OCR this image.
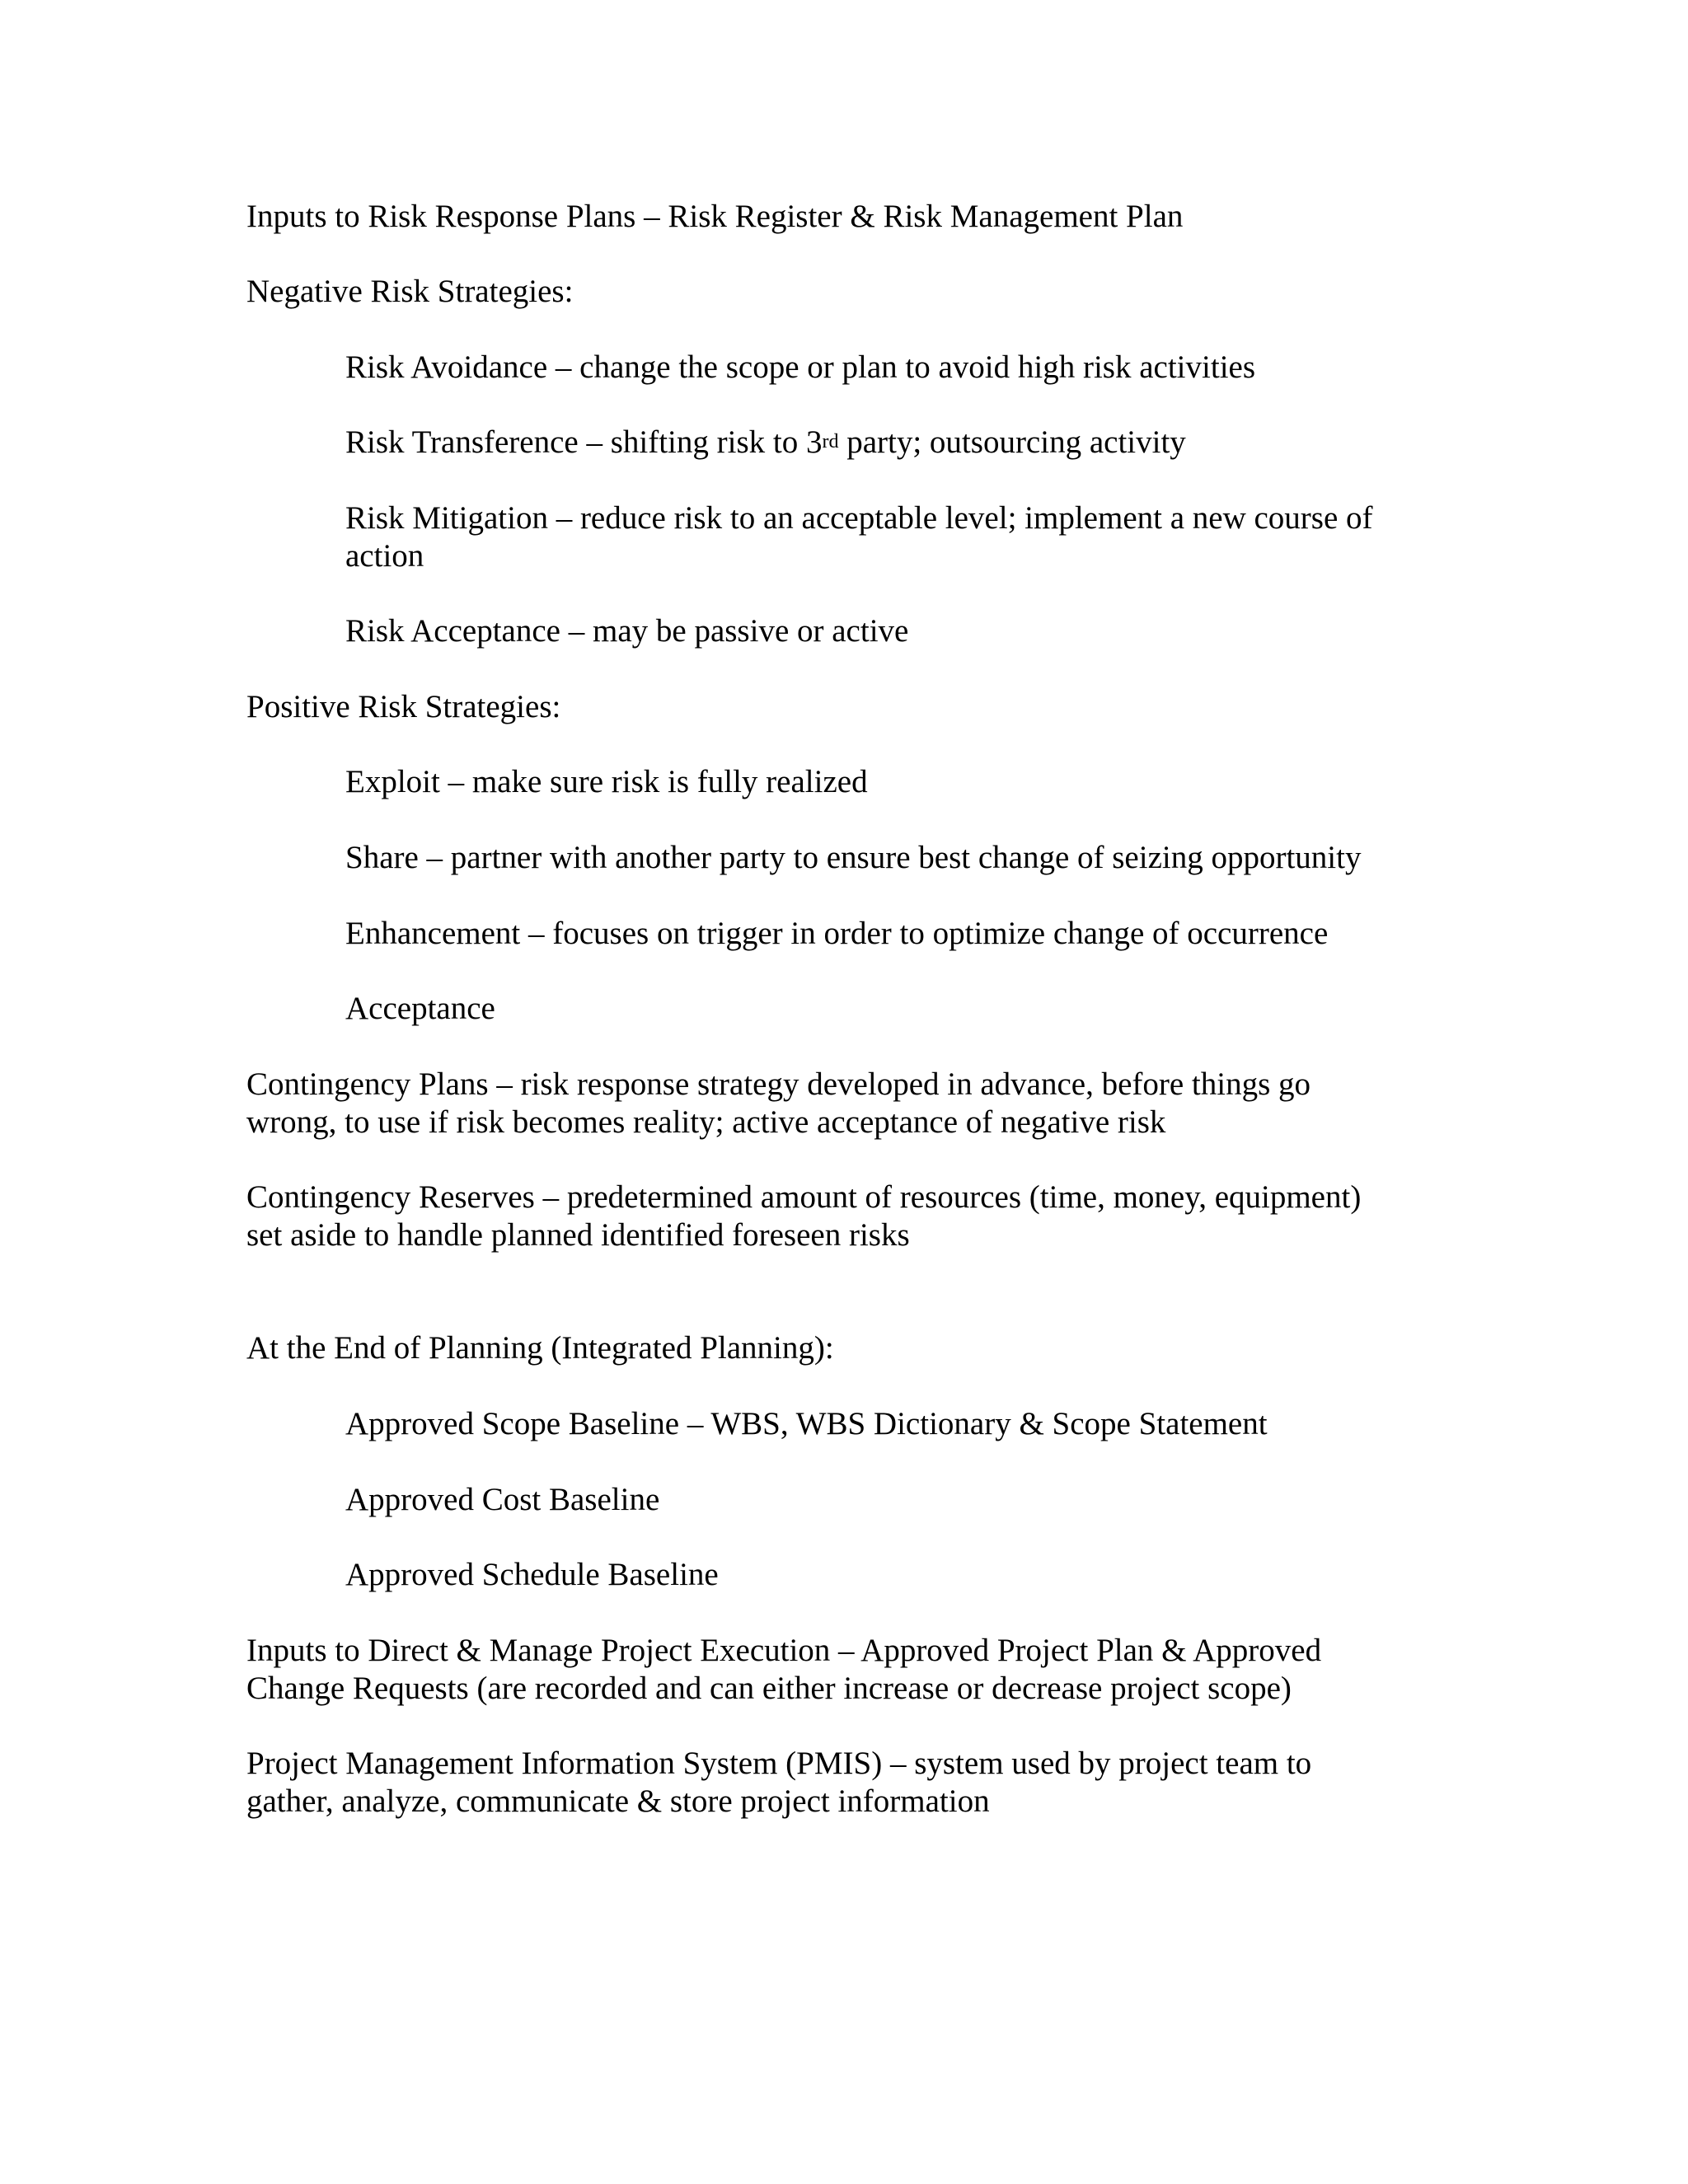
Inputs to Risk Response Plans – Risk Register & Risk Management Plan

Negative Risk Strategies:

Risk Avoidance – change the scope or plan to avoid high risk activities

Risk Transference – shifting risk to 3rd party; outsourcing activity

Risk Mitigation – reduce risk to an acceptable level; implement a new course of

action

Risk Acceptance – may be passive or active

Positive Risk Strategies:

Exploit – make sure risk is fully realized

Share – partner with another party to ensure best change of seizing opportunity

Enhancement – focuses on trigger in order to optimize change of occurrence

Acceptance

Contingency Plans – risk response strategy developed in advance, before things go

wrong, to use if risk becomes reality; active acceptance of negative risk

Contingency Reserves – predetermined amount of resources (time, money, equipment)

set aside to handle planned identified foreseen risks

At the End of Planning (Integrated Planning):

Approved Scope Baseline – WBS, WBS Dictionary & Scope Statement

Approved Cost Baseline

Approved Schedule Baseline

Inputs to Direct & Manage Project Execution – Approved Project Plan & Approved

Change Requests (are recorded and can either increase or decrease project scope)

Project Management Information System (PMIS) – system used by project team to

gather, analyze, communicate & store project information
